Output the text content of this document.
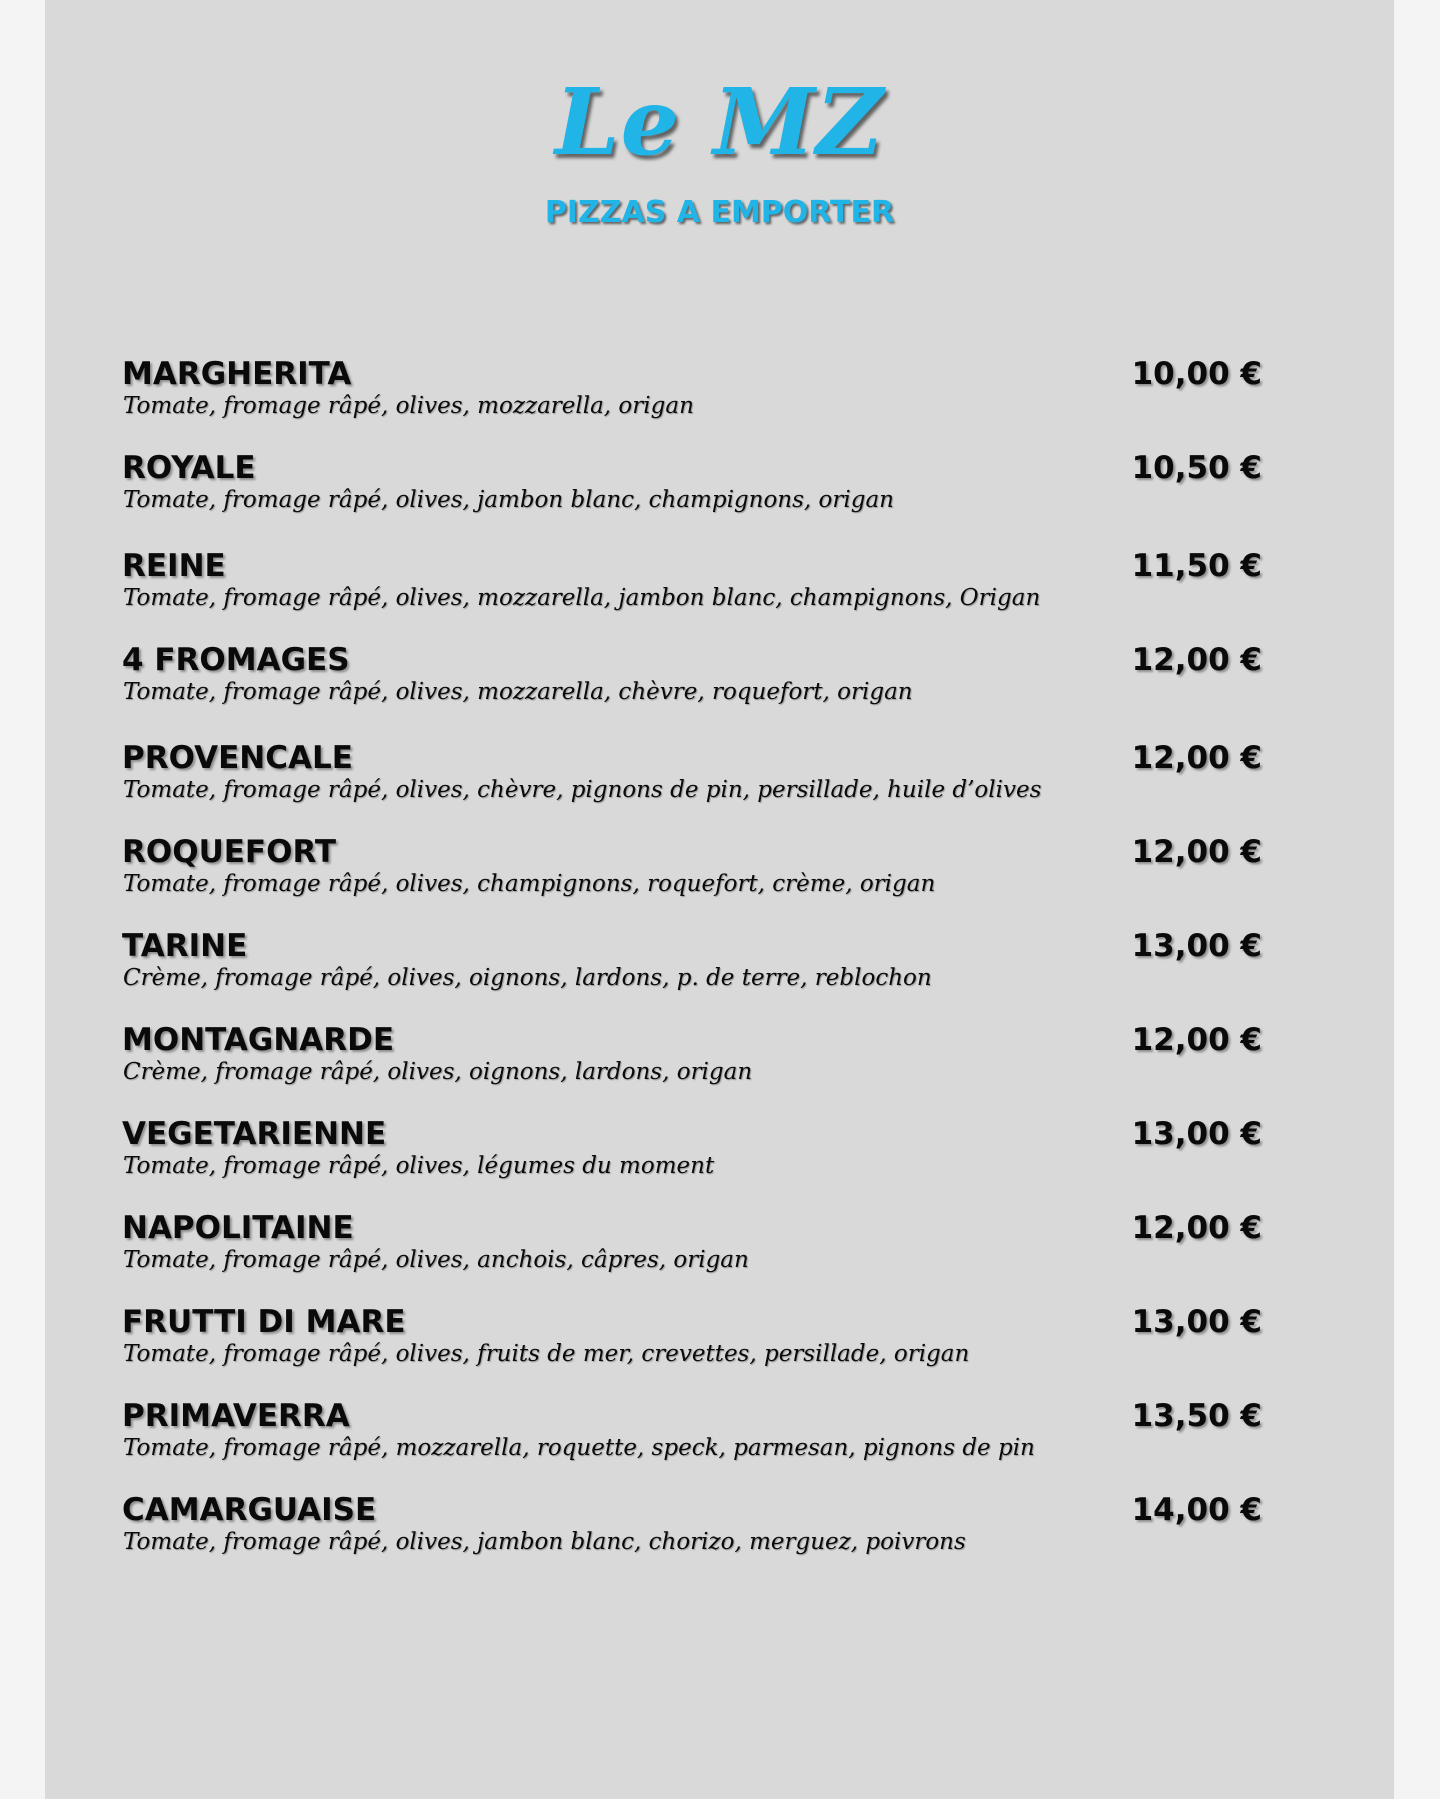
Le MZ
PIZZAS A EMPORTER
MARGHERITA
Tomate, fromage râpé, olives, mozzarella, origan
10,00 €
ROYALE
Tomate, fromage râpé, olives, jambon blanc, champignons, origan
10,50 €
REINE
Tomate, fromage râpé, olives, mozzarella, jambon blanc, champignons, Origan
11,50 €
4 FROMAGES
Tomate, fromage râpé, olives, mozzarella, chèvre, roquefort, origan
12,00 €
PROVENCALE
Tomate, fromage râpé, olives, chèvre, pignons de pin, persillade, huile d’olives
12,00 €
ROQUEFORT
Tomate, fromage râpé, olives, champignons, roquefort, crème, origan
12,00 €
TARINE
Crème, fromage râpé, olives, oignons, lardons, p. de terre, reblochon
13,00 €
MONTAGNARDE
Crème, fromage râpé, olives, oignons, lardons, origan
12,00 €
VEGETARIENNE
Tomate, fromage râpé, olives, légumes du moment
13,00 €
NAPOLITAINE
Tomate, fromage râpé, olives, anchois, câpres, origan
12,00 €
FRUTTI DI MARE
Tomate, fromage râpé, olives, fruits de mer, crevettes, persillade, origan
13,00 €
PRIMAVERRA
Tomate, fromage râpé, mozzarella, roquette, speck, parmesan, pignons de pin
13,50 €
CAMARGUAISE
Tomate, fromage râpé, olives, jambon blanc, chorizo, merguez, poivrons
14,00 €
